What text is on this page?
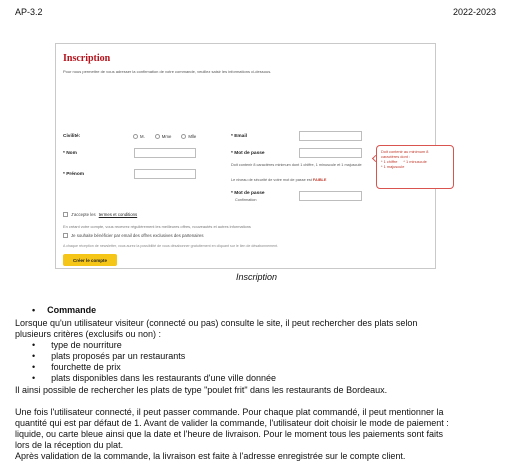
AP-3.2	2022-2023
Inscription
Pour nous permettre de vous adresser la confirmation de votre commande, veuillez saisir les informations ci-dessous.
Civilité:	M.	Mme	Mlle
* Nom
* Prénom
* Email
* Mot de passe
Doit contenir 8 caractères minimum dont 1 chiffre, 1 minuscule et 1 majuscule
Le niveau de sécurité de votre mot de passe est FAIBLE
* Mot de passe
Confirmation
Doit contenir au minimum 8
caractères dont :
* 1 chiffre * 1 minuscule
* 1 majuscule
J'accepte les termes et conditions
En créant votre compte, vous recevrez régulièrement les meilleures offres, nouveautés et autres informations
Je souhaite bénéficier par email des offres exclusives des partenaires
A chaque réception de newsletter, vous aurez la possibilité de vous désabonner gratuitement en cliquant sur le lien de désabonnement.
Créer le compte
Inscription
• Commande
Lorsque qu'un utilisateur visiteur (connecté ou pas) consulte le site, il peut rechercher des plats selon
plusieurs critères (exclusifs ou non) :
• type de nourriture
• plats proposés par un restaurants
• fourchette de prix
• plats disponibles dans les restaurants d'une ville donnée
Il ainsi possible de rechercher les plats de type "poulet frit" dans les restaurants de Bordeaux.
Une fois l'utilisateur connecté, il peut passer commande. Pour chaque plat commandé, il peut mentionner la
quantité qui est par défaut de 1. Avant de valider la commande, l'utilisateur doit choisir le mode de paiement :
liquide, ou carte bleue ainsi que la date et l'heure de livraison. Pour le moment tous les paiements sont faits
lors de la réception du plat.
Après validation de la commande, la livraison est faite à l'adresse enregistrée sur le compte client.
